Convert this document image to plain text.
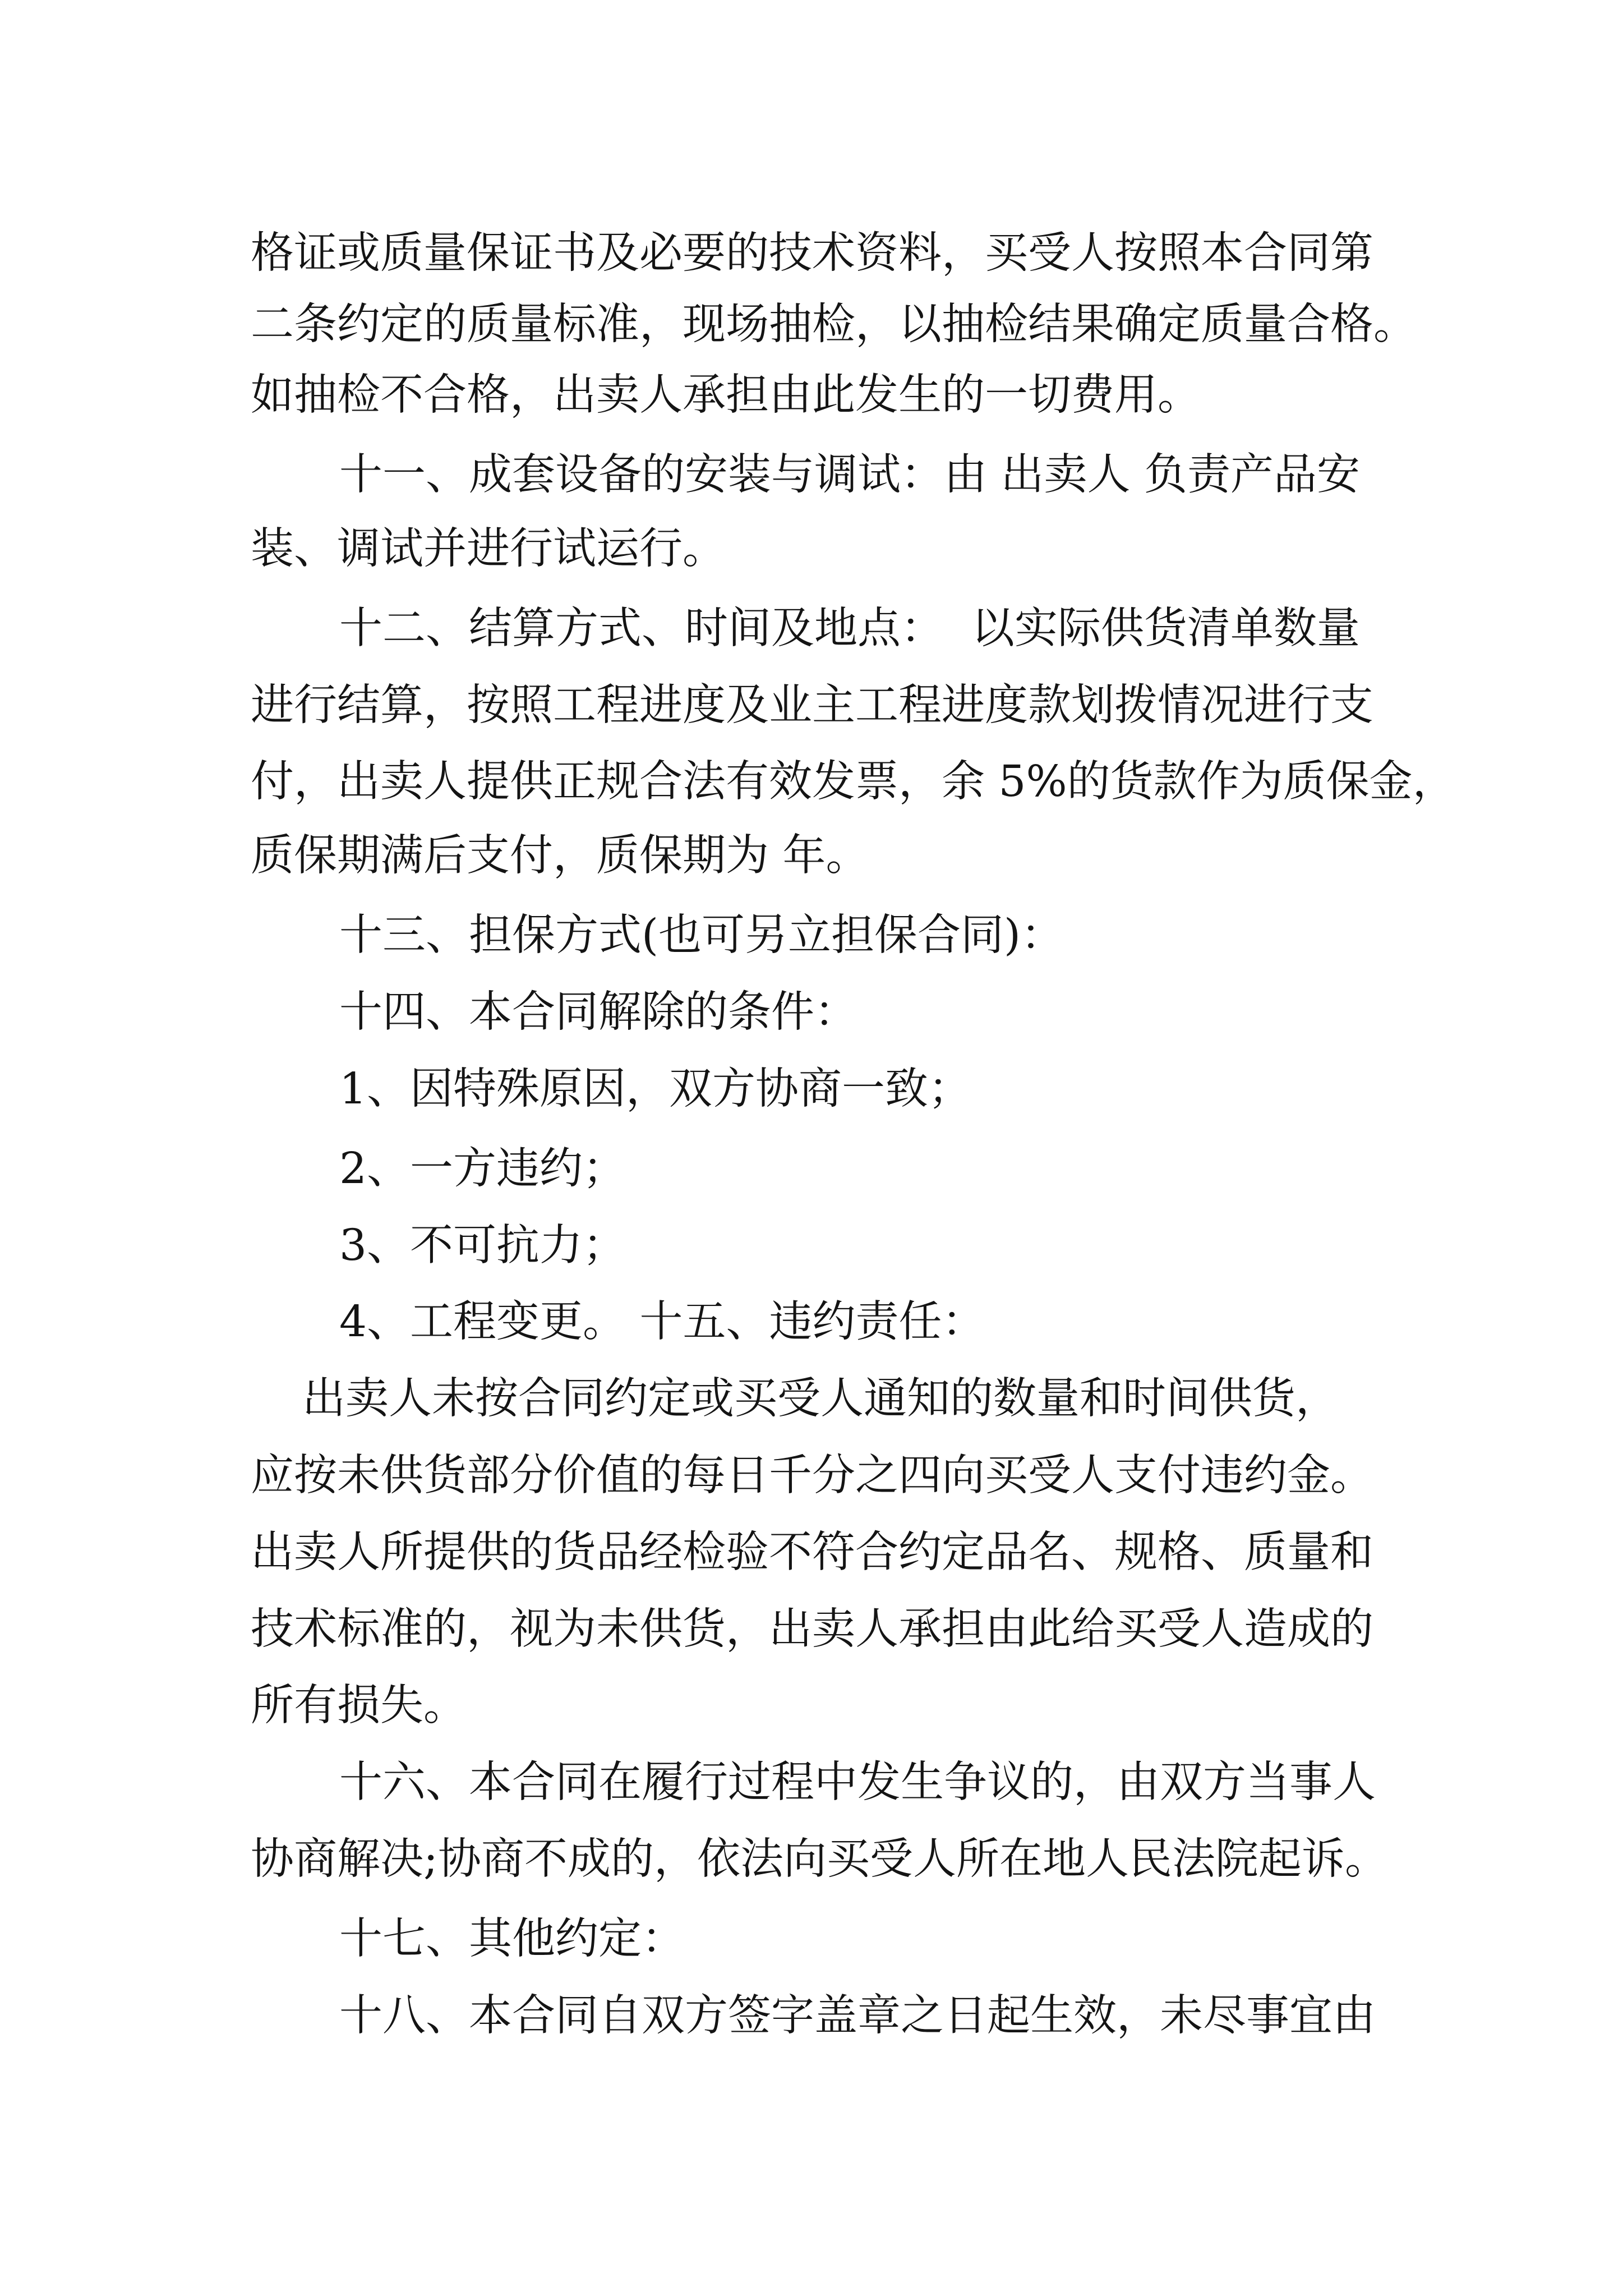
格证或质量保证书及必要的技术资料，买受人按照本合同第
二条约定的质量标准，现场抽检，以抽检结果确定质量合格。
如抽检不合格，出卖人承担由此发生的一切费用。
十一、成套设备的安装与调试：由 出卖人 负责产品安
装、调试并进行试运行。
十二、结算方式、时间及地点：  以实际供货清单数量
进行结算，按照工程进度及业主工程进度款划拨情况进行支
付，出卖人提供正规合法有效发票，余 5%的货款作为质保金，
质保期满后支付，质保期为 年。
十三、担保方式(也可另立担保合同)：
十四、本合同解除的条件：
1、因特殊原因，双方协商一致；
2、一方违约；
3、不可抗力；
4、工程变更。 十五、违约责任：
出卖人未按合同约定或买受人通知的数量和时间供货，
应按未供货部分价值的每日千分之四向买受人支付违约金。
出卖人所提供的货品经检验不符合约定品名、规格、质量和
技术标准的，视为未供货，出卖人承担由此给买受人造成的
所有损失。
十六、本合同在履行过程中发生争议的，由双方当事人
协商解决;协商不成的，依法向买受人所在地人民法院起诉。
十七、其他约定：
十八、本合同自双方签字盖章之日起生效，未尽事宜由
